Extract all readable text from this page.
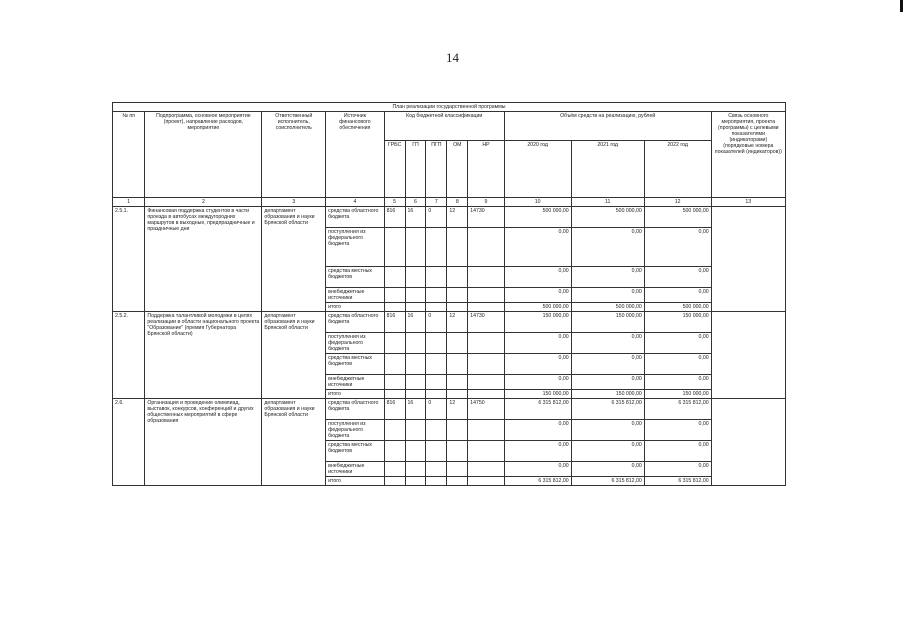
14
План реализации государственной программы												
№ пп	Подпрограмма, основное мероприятие (проект), направление расходов, мероприятие	Ответственный исполнитель, соисполнитель	Источник финансового обеспечения	Код бюджетной классификации					Объём средств на реализацию, рублей			Связь основного мероприятия, проекта (программы) с целевыми показателями (индикаторами) (порядковые номера показателей (индикаторов))
				ГРБС	ГП	ПГП	ОМ	НР	2020 год	2021 год	2022 год	
1	2	3	4	5	6	7	8	9	10	11	12	13
2.5.1.	Финансовая поддержка студентов в части проезда в автобусах междугородних маршрутов в выходные, предпраздничные и праздничные дни	департамент образования и науки Брянской области	средства областного бюджета	816	16	0	12	14730	500 000,00	500 000,00	500 000,00	
			поступления из федерального бюджета						0,00	0,00	0,00	
			средства местных бюджетов						0,00	0,00	0,00	
			внебюджетные источники						0,00	0,00	0,00	
			итого						500 000,00	500 000,00	500 000,00	
2.5.2.	Поддержка талантливой молодежи в целях реализации в области национального проекта "Образование" (премия Губернатора Брянской области)	департамент образования и науки Брянской области	средства областного бюджета	816	16	0	12	14730	150 000,00	150 000,00	150 000,00	
			поступления из федерального бюджета						0,00	0,00	0,00	
			средства местных бюджетов						0,00	0,00	0,00	
			внебюджетные источники						0,00	0,00	0,00	
			итого						150 000,00	150 000,00	150 000,00	
2.6.	Организация и проведение олимпиад, выставок, конкурсов, конференций и других общественных мероприятий в сфере образования	департамент образования и науки Брянской области	средства областного бюджета	816	16	0	12	14750	6 315 812,00	6 315 812,00	6 315 812,00	
			поступления из федерального бюджета						0,00	0,00	0,00	
			средства местных бюджетов						0,00	0,00	0,00	
			внебюджетные источники						0,00	0,00	0,00	
			итого						6 315 812,00	6 315 812,00	6 315 812,00	
